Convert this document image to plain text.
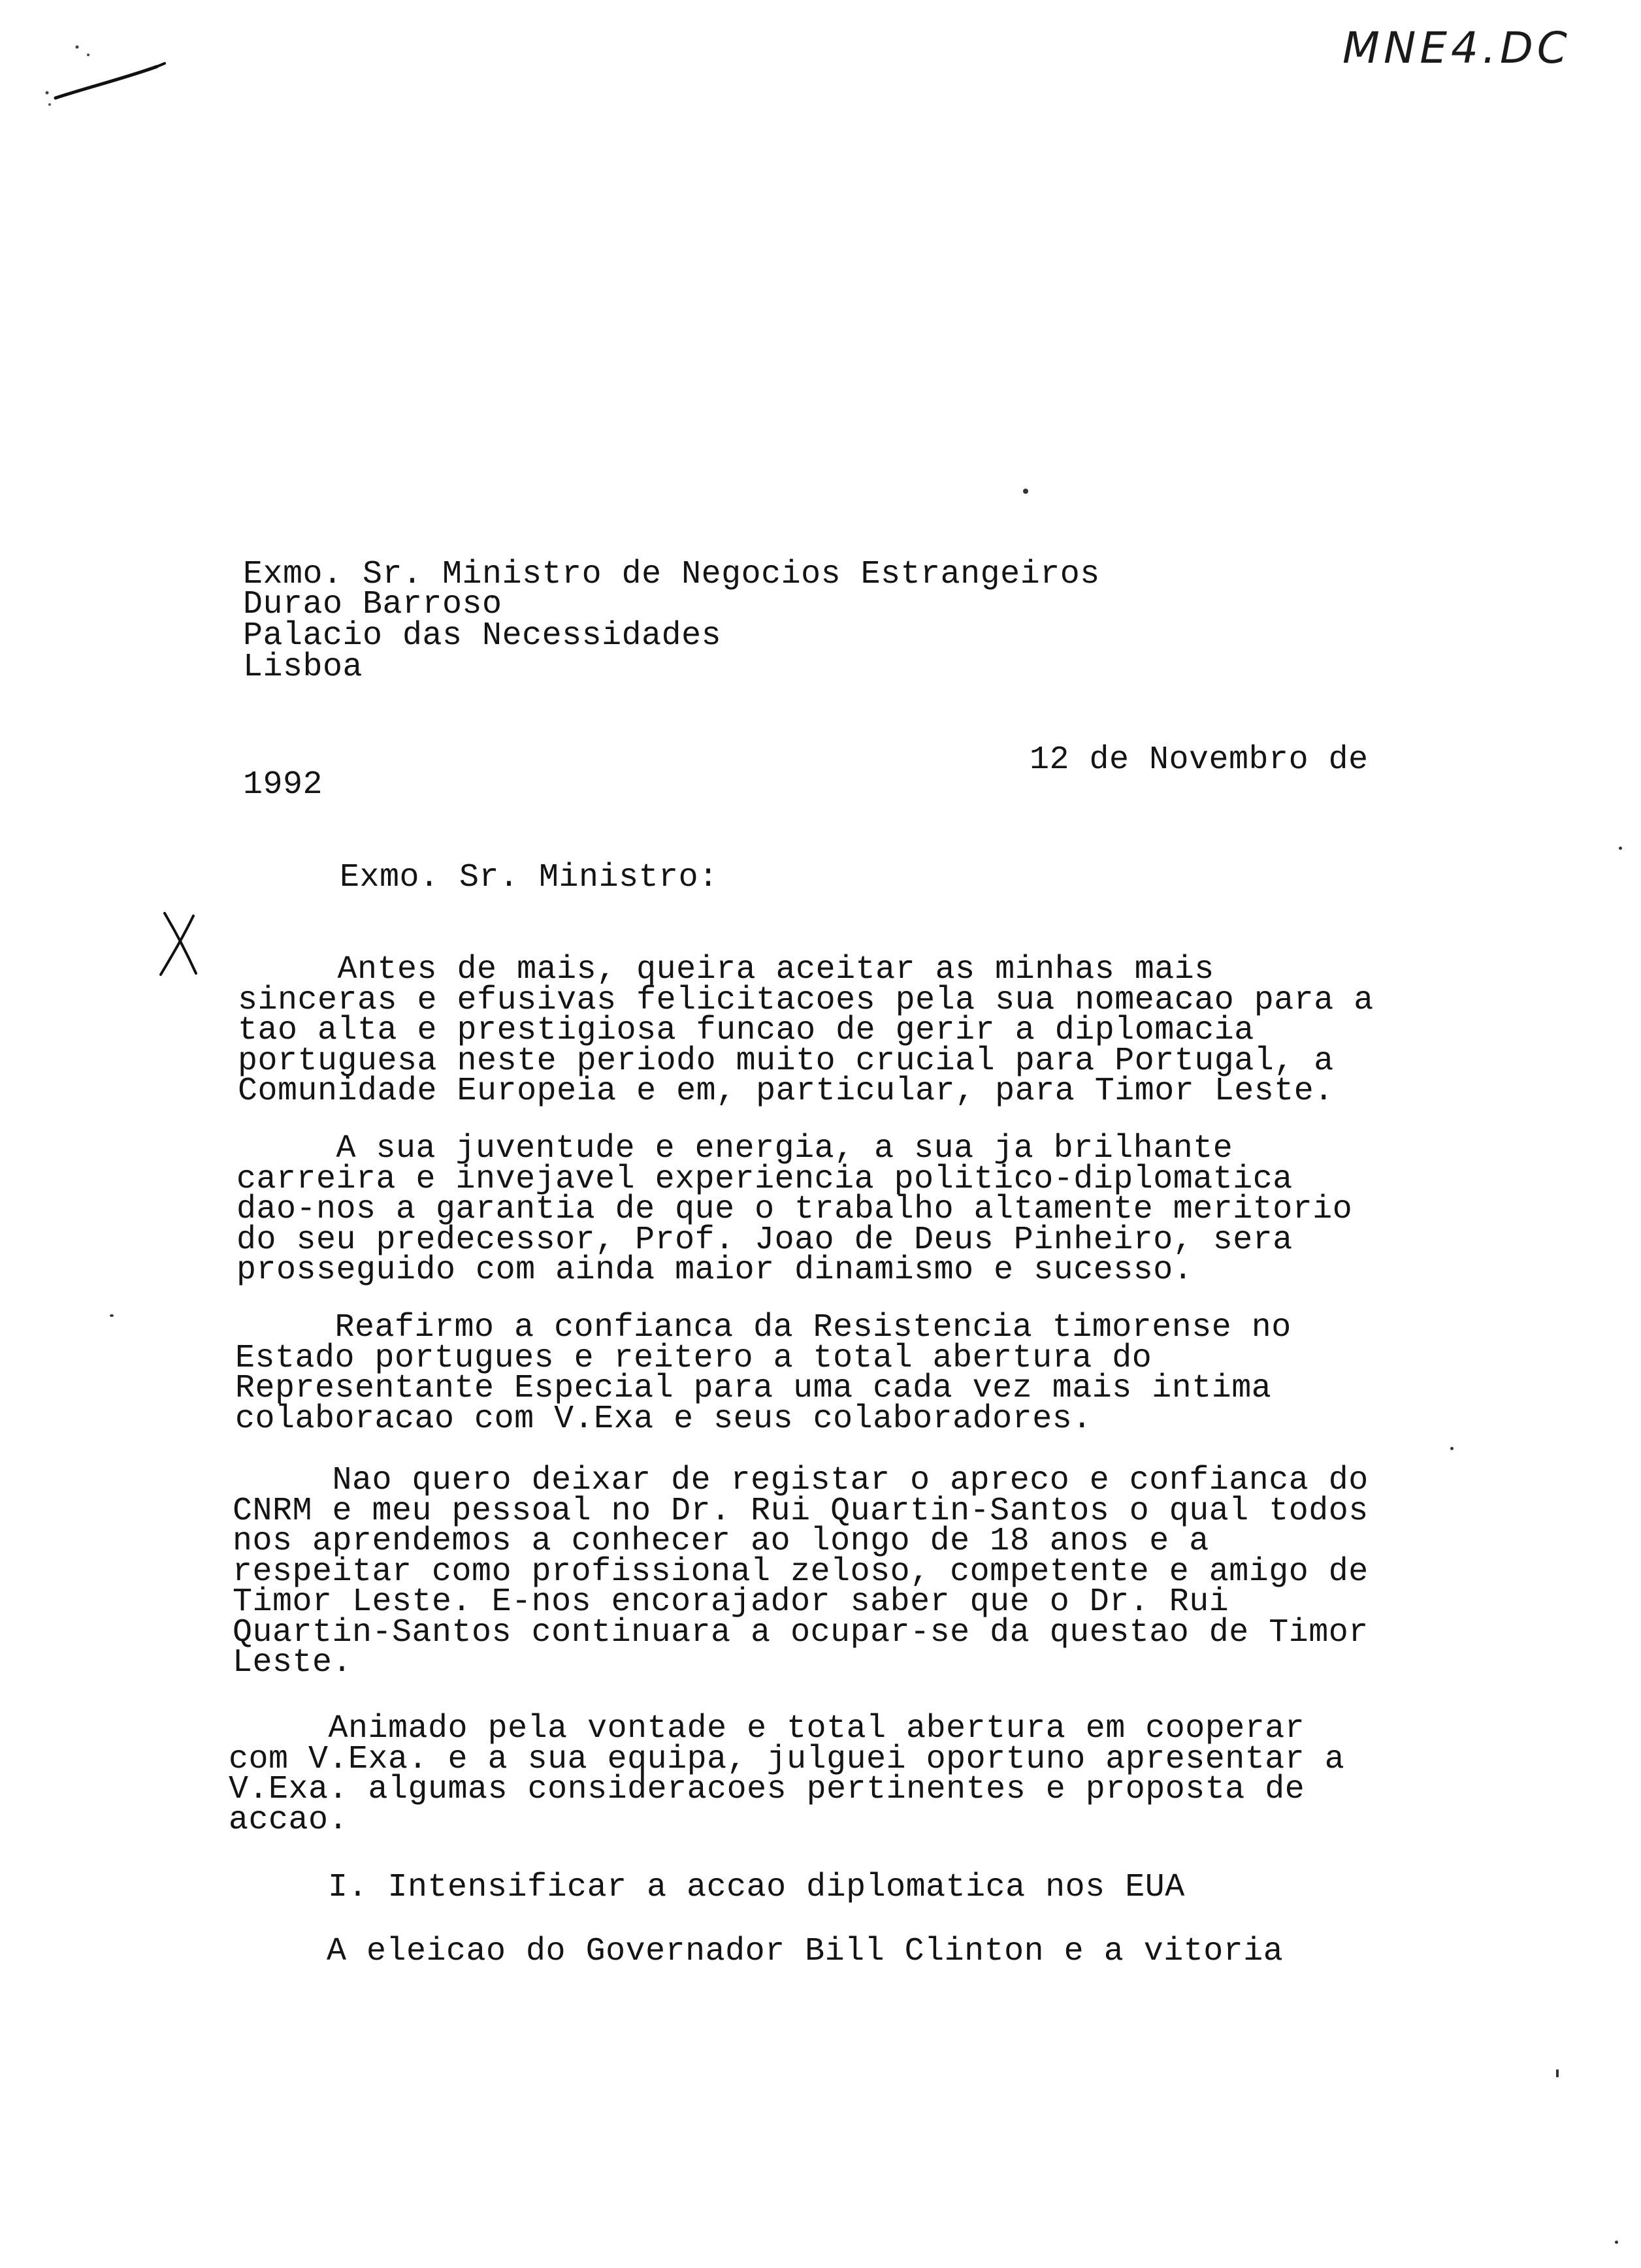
MNE4.DC
Exmo. Sr. Ministro de Negocios Estrangeiros
Durao Barroso
Palacio das Necessidades
Lisboa
12 de Novembro de
1992
Exmo. Sr. Ministro:
Antes de mais, queira aceitar as minhas mais
sinceras e efusivas felicitacoes pela sua nomeacao para a
tao alta e prestigiosa funcao de gerir a diplomacia
portuguesa neste periodo muito crucial para Portugal, a
Comunidade Europeia e em, particular, para Timor Leste.
A sua juventude e energia, a sua ja brilhante
carreira e invejavel experiencia politico-diplomatica
dao-nos a garantia de que o trabalho altamente meritorio
do seu predecessor, Prof. Joao de Deus Pinheiro, sera
prosseguido com ainda maior dinamismo e sucesso.
Reafirmo a confianca da Resistencia timorense no
Estado portugues e reitero a total abertura do
Representante Especial para uma cada vez mais intima
colaboracao com V.Exa e seus colaboradores.
Nao quero deixar de registar o apreco e confianca do
CNRM e meu pessoal no Dr. Rui Quartin-Santos o qual todos
nos aprendemos a conhecer ao longo de 18 anos e a
respeitar como profissional zeloso, competente e amigo de
Timor Leste. E-nos encorajador saber que o Dr. Rui
Quartin-Santos continuara a ocupar-se da questao de Timor
Leste.
Animado pela vontade e total abertura em cooperar
com V.Exa. e a sua equipa, julguei oportuno apresentar a
V.Exa. algumas consideracoes pertinentes e proposta de
accao.
I. Intensificar a accao diplomatica nos EUA
A eleicao do Governador Bill Clinton e a vitoria
